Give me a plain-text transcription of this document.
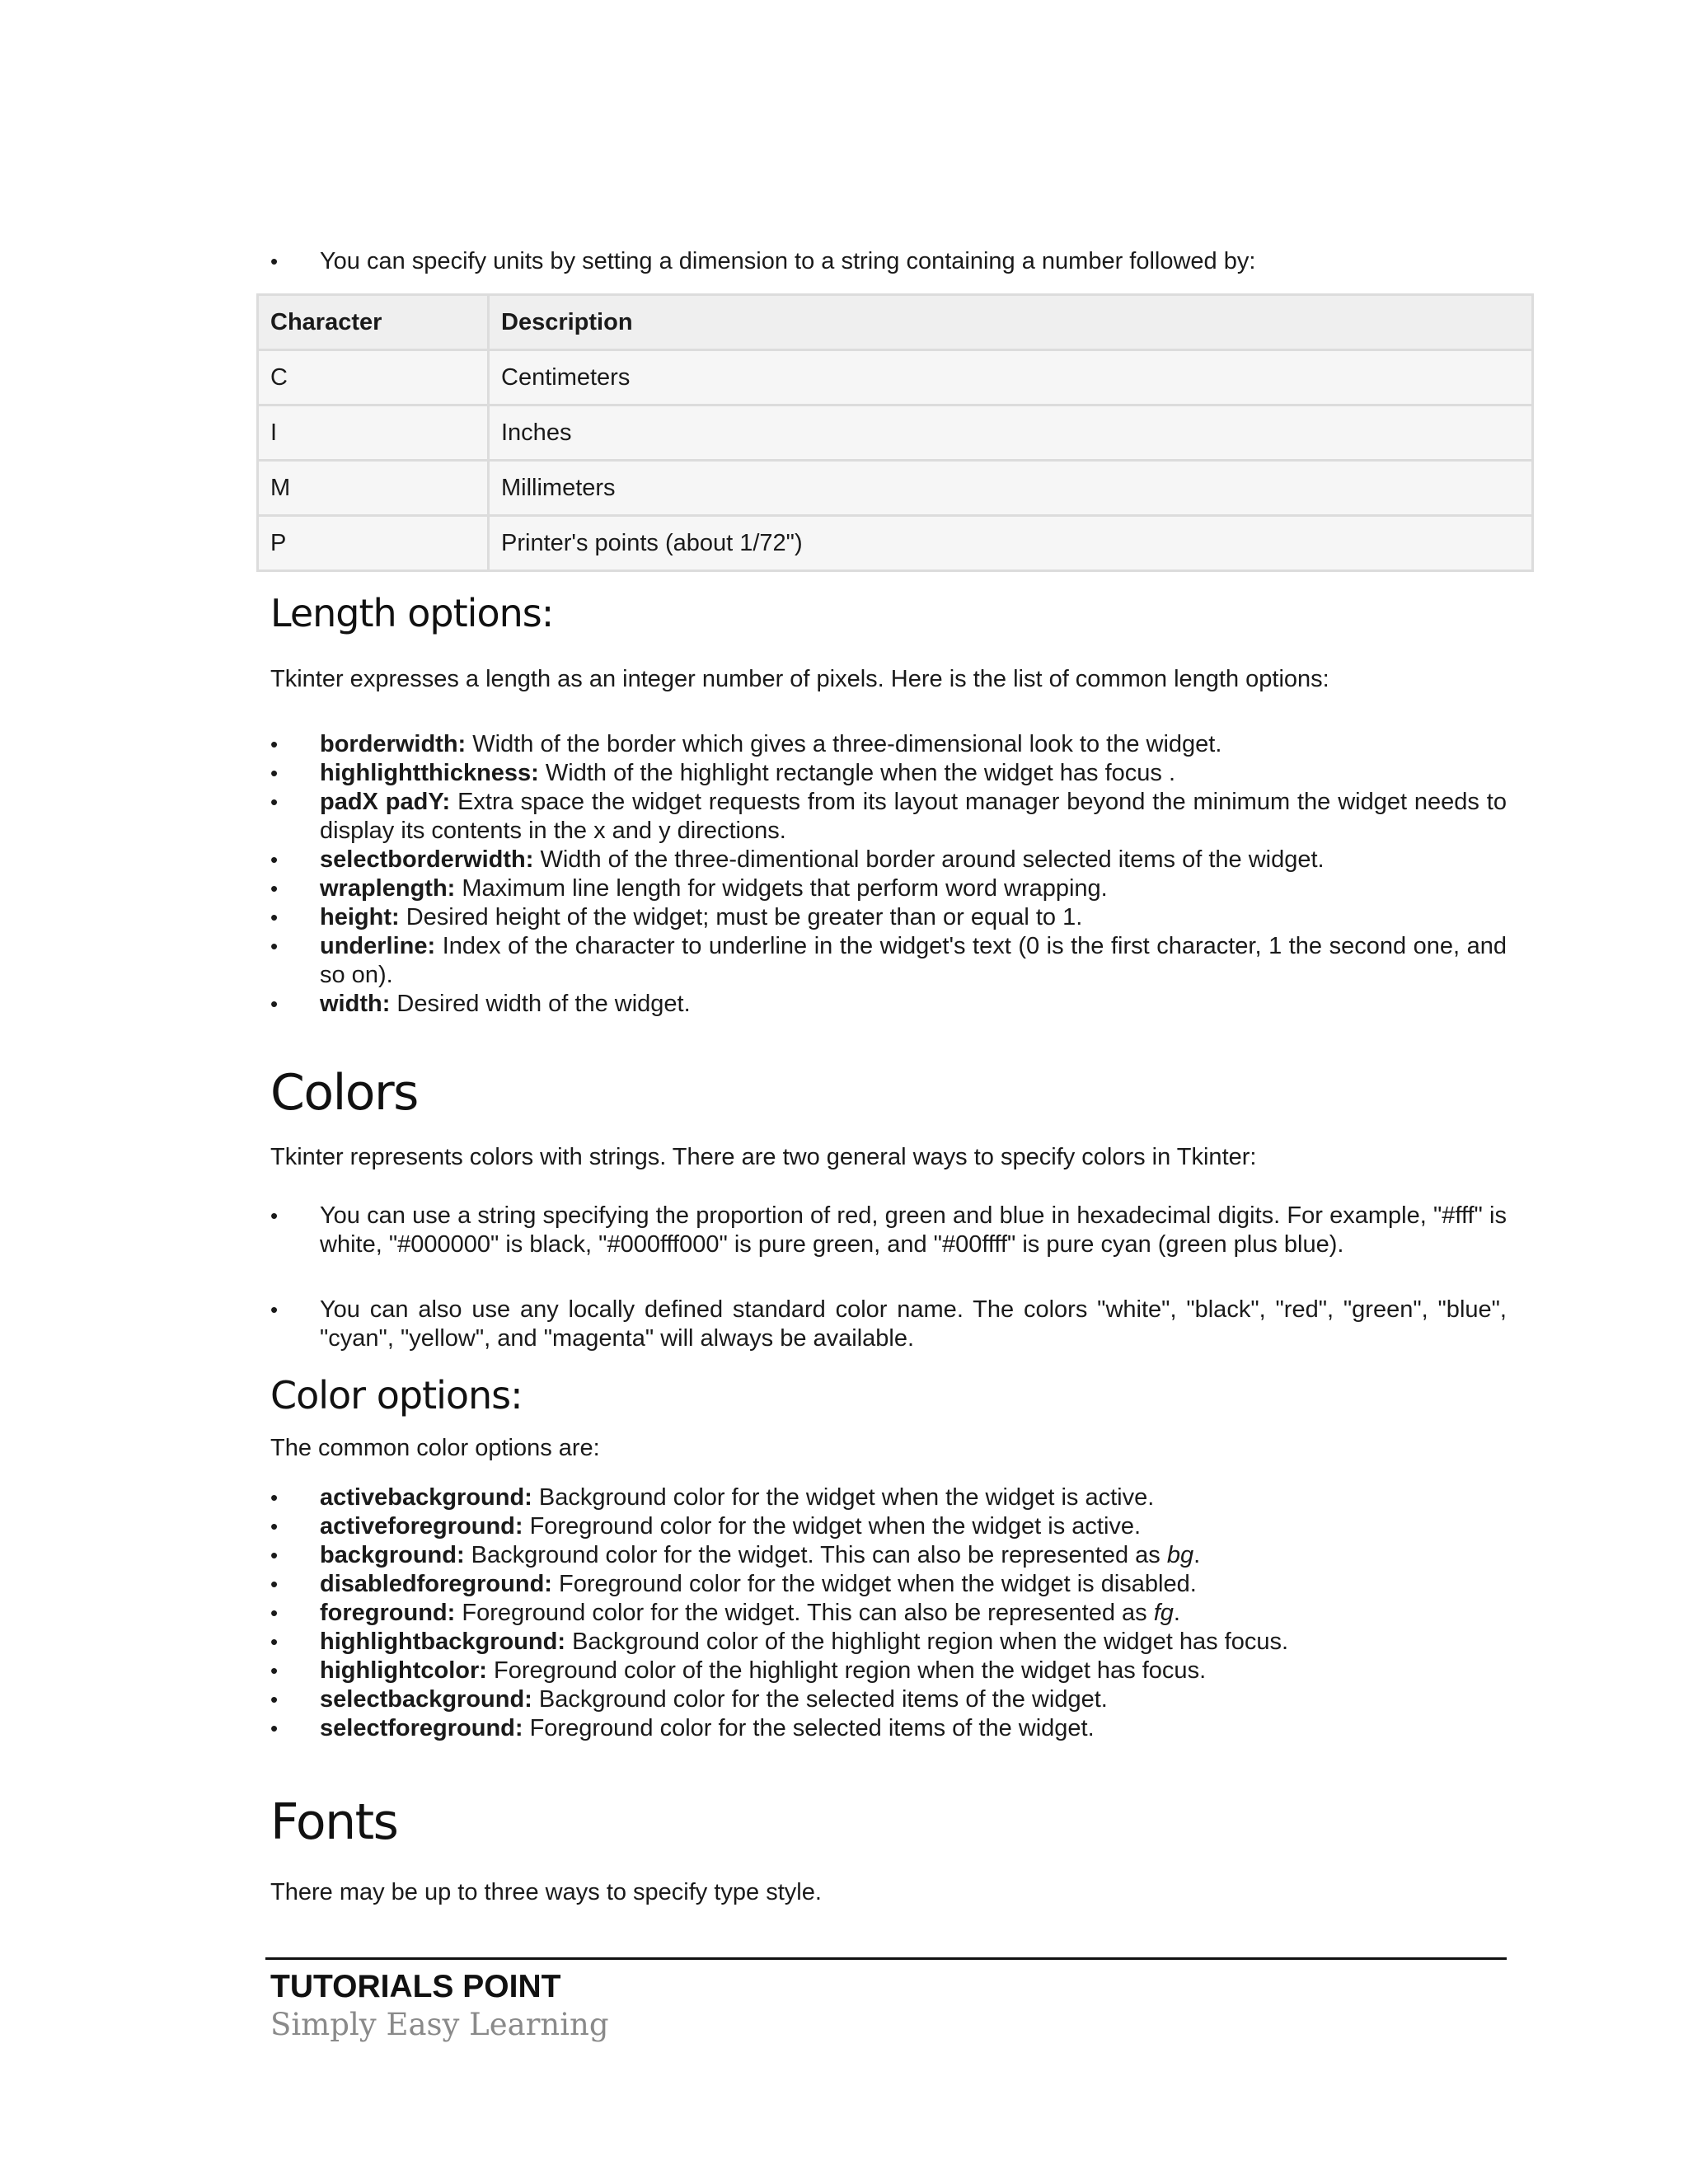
•	You can specify units by setting a dimension to a string containing a number followed by:
Character	Description
C	Centimeters
I	Inches
M	Millimeters
P	Printer's points (about 1/72")
Length options:

Tkinter expresses a length as an integer number of pixels. Here is the list of common length options:

•	borderwidth: Width of the border which gives a three-dimensional look to the widget.
•	highlightthickness: Width of the highlight rectangle when the widget has focus .
•	padX padY: Extra space the widget requests from its layout manager beyond the minimum the widget needs to display its contents in the x and y directions.
•	selectborderwidth: Width of the three-dimentional border around selected items of the widget.
•	wraplength: Maximum line length for widgets that perform word wrapping.
•	height: Desired height of the widget; must be greater than or equal to 1.
•	underline: Index of the character to underline in the widget's text (0 is the first character, 1 the second one, and so on).
•	width: Desired width of the widget.
Colors

Tkinter represents colors with strings. There are two general ways to specify colors in Tkinter:

•	You can use a string specifying the proportion of red, green and blue in hexadecimal digits. For example, "#fff" is white, "#000000" is black, "#000fff000" is pure green, and "#00ffff" is pure cyan (green plus blue).
•	You can also use any locally defined standard color name. The colors "white", "black", "red", "green", "blue", "cyan", "yellow", and "magenta" will always be available.
Color options:

The common color options are:

•	activebackground: Background color for the widget when the widget is active.
•	activeforeground: Foreground color for the widget when the widget is active.
•	background: Background color for the widget. This can also be represented as bg.
•	disabledforeground: Foreground color for the widget when the widget is disabled.
•	foreground: Foreground color for the widget. This can also be represented as fg.
•	highlightbackground: Background color of the highlight region when the widget has focus.
•	highlightcolor: Foreground color of the highlight region when the widget has focus.
•	selectbackground: Background color for the selected items of the widget.
•	selectforeground: Foreground color for the selected items of the widget.
Fonts

There may be up to three ways to specify type style.

TUTORIALS POINT
Simply Easy Learning
